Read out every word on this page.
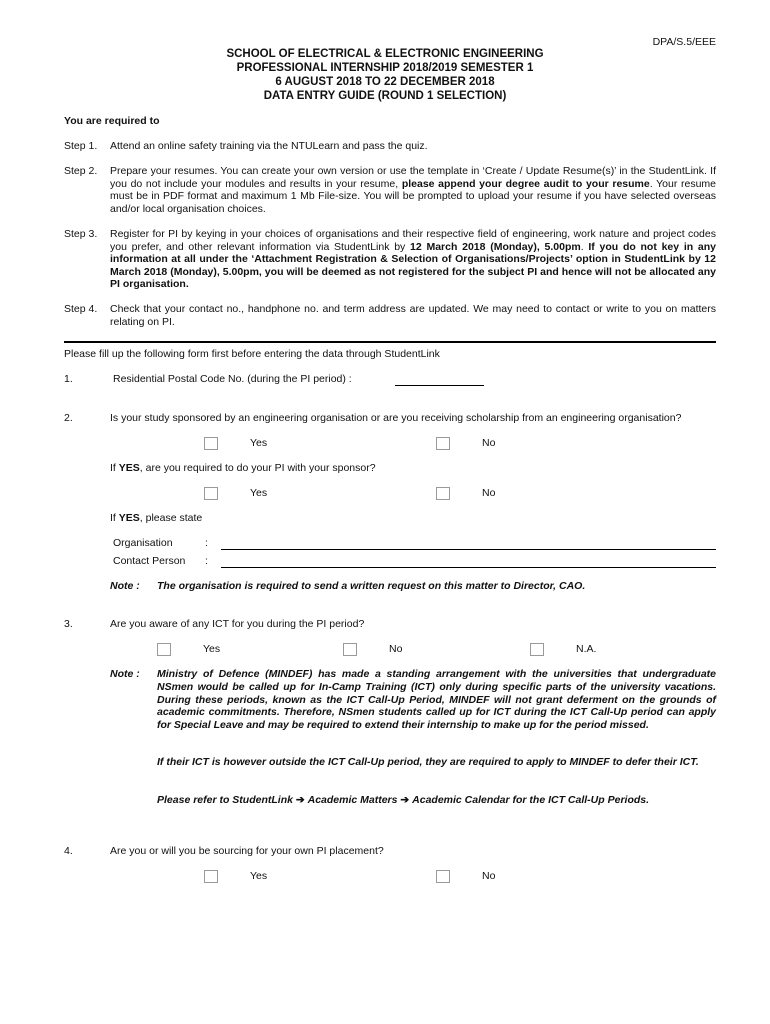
DPA/S.5/EEE
SCHOOL OF ELECTRICAL & ELECTRONIC ENGINEERING
PROFESSIONAL INTERNSHIP 2018/2019 SEMESTER 1
6 AUGUST 2018 TO 22 DECEMBER 2018
DATA ENTRY GUIDE (ROUND 1 SELECTION)
You are required to
Step 1. Attend an online safety training via the NTULearn and pass the quiz.
Step 2. Prepare your resumes. You can create your own version or use the template in ‘Create / Update Resume(s)’ in the StudentLink. If you do not include your modules and results in your resume, please append your degree audit to your resume. Your resume must be in PDF format and maximum 1 Mb File-size. You will be prompted to upload your resume if you have selected overseas and/or local organisation choices.
Step 3. Register for PI by keying in your choices of organisations and their respective field of engineering, work nature and project codes you prefer, and other relevant information via StudentLink by 12 March 2018 (Monday), 5.00pm. If you do not key in any information at all under the ‘Attachment Registration & Selection of Organisations/Projects’ option in StudentLink by 12 March 2018 (Monday), 5.00pm, you will be deemed as not registered for the subject PI and hence will not be allocated any PI organisation.
Step 4. Check that your contact no., handphone no. and term address are updated. We may need to contact or write to you on matters relating on PI.
Please fill up the following form first before entering the data through StudentLink
1.	Residential Postal Code No. (during the PI period) :
2.	Is your study sponsored by an engineering organisation or are you receiving scholarship from an engineering organisation?
Yes	No
If YES, are you required to do your PI with your sponsor?
Yes	No
If YES, please state
Organisation	:
Contact Person :
Note : The organisation is required to send a written request on this matter to Director, CAO.
3.	Are you aware of any ICT for you during the PI period?
Yes	No	N.A.
Note : Ministry of Defence (MINDEF) has made a standing arrangement with the universities that undergraduate NSmen would be called up for In-Camp Training (ICT) only during specific parts of the university vacations. During these periods, known as the ICT Call-Up Period, MINDEF will not grant deferment on the grounds of academic commitments. Therefore, NSmen students called up for ICT during the ICT Call-Up period can apply for Special Leave and may be required to extend their internship to make up for the period missed.
If their ICT is however outside the ICT Call-Up period, they are required to apply to MINDEF to defer their ICT.
Please refer to StudentLink ➔ Academic Matters ➔ Academic Calendar for the ICT Call-Up Periods.
4.	Are you or will you be sourcing for your own PI placement?
Yes	No
